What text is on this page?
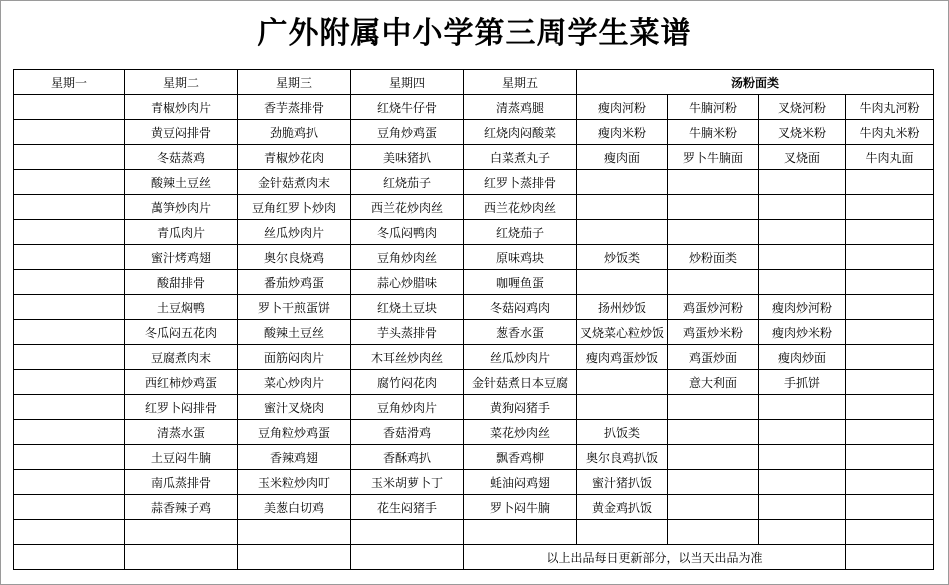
广外附属中小学第三周学生菜谱
星期一	星期二	星期三	星期四	星期五	汤粉面类			
	青椒炒肉片	香芋蒸排骨	红烧牛仔骨	清蒸鸡腿	瘦肉河粉	牛腩河粉	叉烧河粉	牛肉丸河粉
	黄豆闷排骨	劲脆鸡扒	豆角炒鸡蛋	红烧肉闷酸菜	瘦肉米粉	牛腩米粉	叉烧米粉	牛肉丸米粉
	冬菇蒸鸡	青椒炒花肉	美味猪扒	白菜煮丸子	瘦肉面	罗卜牛腩面	叉烧面	牛肉丸面
	酸辣土豆丝	金针菇煮肉末	红烧茄子	红罗卜蒸排骨				
	萬笋炒肉片	豆角红罗卜炒肉	西兰花炒肉丝	西兰花炒肉丝				
	青瓜肉片	丝瓜炒肉片	冬瓜闷鸭肉	红烧茄子				
	蜜汁烤鸡翅	奥尔良烧鸡	豆角炒肉丝	原味鸡块	炒饭类	炒粉面类		
	酸甜排骨	番茄炒鸡蛋	蒜心炒腊味	咖喱鱼蛋				
	土豆焖鸭	罗卜干煎蛋饼	红烧土豆块	冬菇闷鸡肉	扬州炒饭	鸡蛋炒河粉	瘦肉炒河粉	
	冬瓜闷五花肉	酸辣土豆丝	芋头蒸排骨	葱香水蛋	叉烧菜心粒炒饭	鸡蛋炒米粉	瘦肉炒米粉	
	豆腐煮肉末	面筋闷肉片	木耳丝炒肉丝	丝瓜炒肉片	瘦肉鸡蛋炒饭	鸡蛋炒面	瘦肉炒面	
	西红柿炒鸡蛋	菜心炒肉片	腐竹闷花肉	金针菇煮日本豆腐		意大利面	手抓饼	
	红罗卜闷排骨	蜜汁叉烧肉	豆角炒肉片	黄狗闷猪手				
	清蒸水蛋	豆角粒炒鸡蛋	香菇滑鸡	菜花炒肉丝	扒饭类			
	土豆闷牛腩	香辣鸡翅	香酥鸡扒	飘香鸡柳	奥尔良鸡扒饭			
	南瓜蒸排骨	玉米粒炒肉叮	玉米胡萝卜丁	蚝油闷鸡翅	蜜汁猪扒饭			
	蒜香辣子鸡	美葱白切鸡	花生闷猪手	罗卜闷牛腩	黄金鸡扒饭			

				以上出品每日更新部分，以当天出品为准				
